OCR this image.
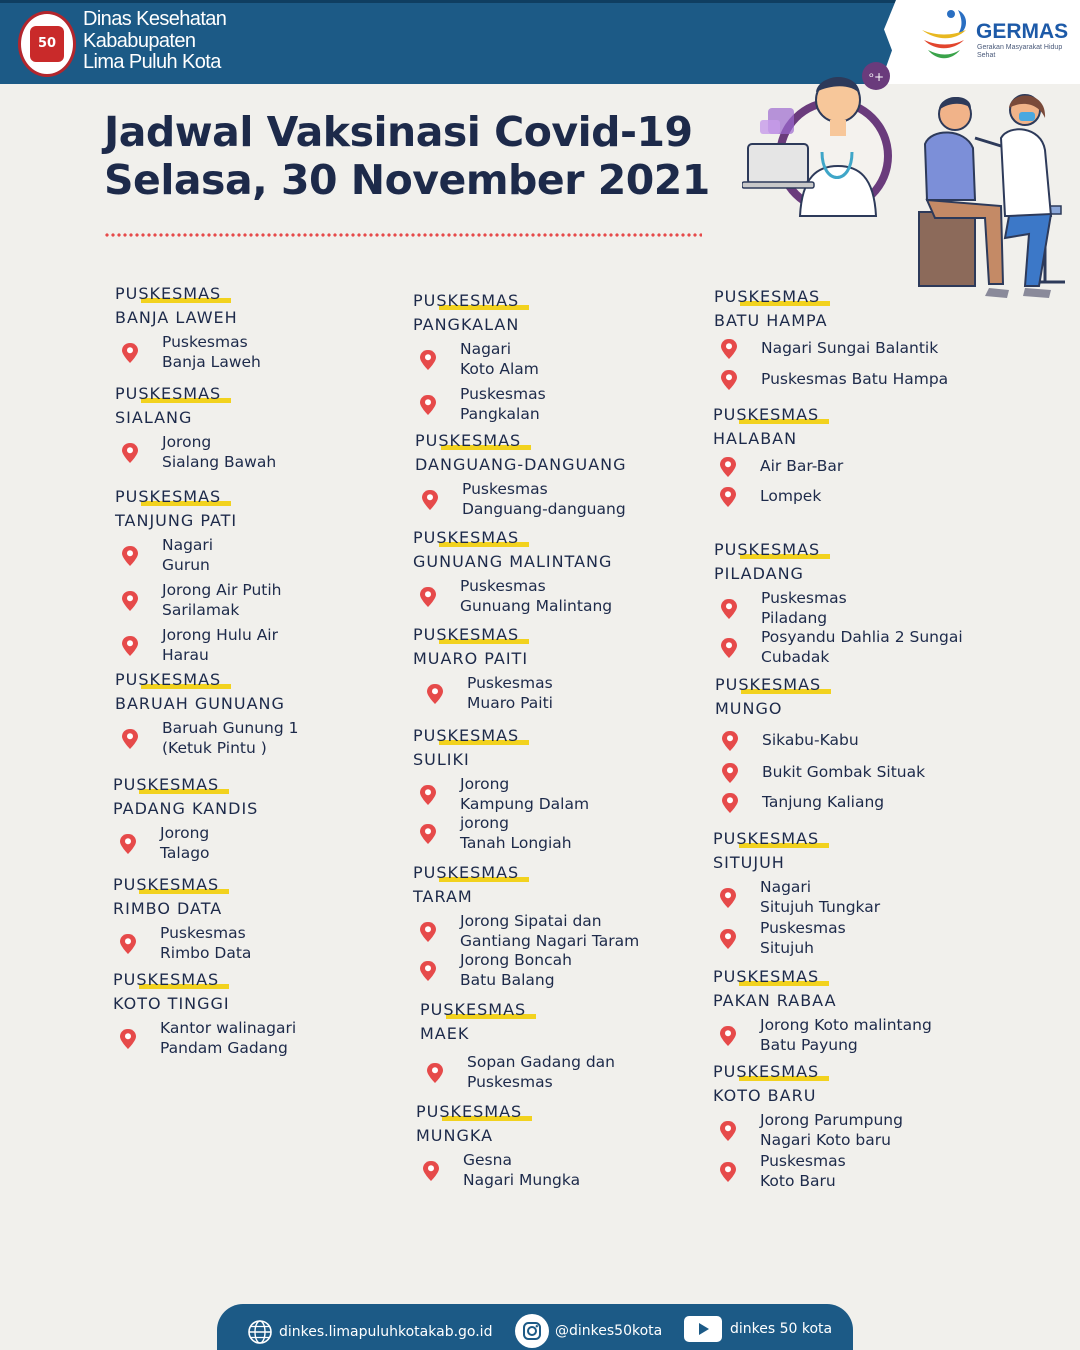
50
Dinas Kesehatan
Kababupaten
Lima Puluh Kota
GERMAS
Gerakan Masyarakat Hidup Sehat
Jadwal Vaksinasi Covid-19
Selasa, 30 November 2021
ᵒ+
PUSKESMAS
BANJA LAWEH
Puskesmas
Banja Laweh
PUSKESMAS
SIALANG
Jorong
Sialang Bawah
PUSKESMAS
TANJUNG PATI
Nagari
Gurun
Jorong Air Putih
Sarilamak
Jorong Hulu Air
Harau
PUSKESMAS
BARUAH GUNUANG
Baruah Gunung 1
(Ketuk Pintu )
PUSKESMAS
PADANG KANDIS
Jorong
Talago
PUSKESMAS
RIMBO DATA
Puskesmas
Rimbo Data
PUSKESMAS
KOTO TINGGI
Kantor walinagari
Pandam Gadang
PUSKESMAS
PANGKALAN
Nagari
Koto Alam
Puskesmas
Pangkalan
PUSKESMAS
DANGUANG-DANGUANG
Puskesmas
Danguang-danguang
PUSKESMAS
GUNUANG MALINTANG
Puskesmas
Gunuang Malintang
PUSKESMAS
MUARO PAITI
Puskesmas
Muaro Paiti
PUSKESMAS
SULIKI
Jorong
Kampung Dalam
jorong
Tanah Longiah
PUSKESMAS
TARAM
Jorong Sipatai dan
Gantiang Nagari Taram
Jorong Boncah
Batu Balang
PUSKESMAS
MAEK
Sopan Gadang dan
Puskesmas
PUSKESMAS
MUNGKA
Gesna
Nagari Mungka
PUSKESMAS
BATU HAMPA
Nagari Sungai Balantik
Puskesmas Batu Hampa
PUSKESMAS
HALABAN
Air Bar-Bar
Lompek
PUSKESMAS
PILADANG
Puskesmas
Piladang
Posyandu Dahlia 2 Sungai
Cubadak
PUSKESMAS
MUNGO
Sikabu-Kabu
Bukit Gombak Situak
Tanjung Kaliang
PUSKESMAS
SITUJUH
Nagari
Situjuh Tungkar
Puskesmas
Situjuh
PUSKESMAS
PAKAN RABAA
Jorong Koto malintang
Batu Payung
PUSKESMAS
KOTO BARU
Jorong Parumpung
Nagari Koto baru
Puskesmas
Koto Baru
dinkes.limapuluhkotakab.go.id	@dinkes50kota	dinkes 50 kota
